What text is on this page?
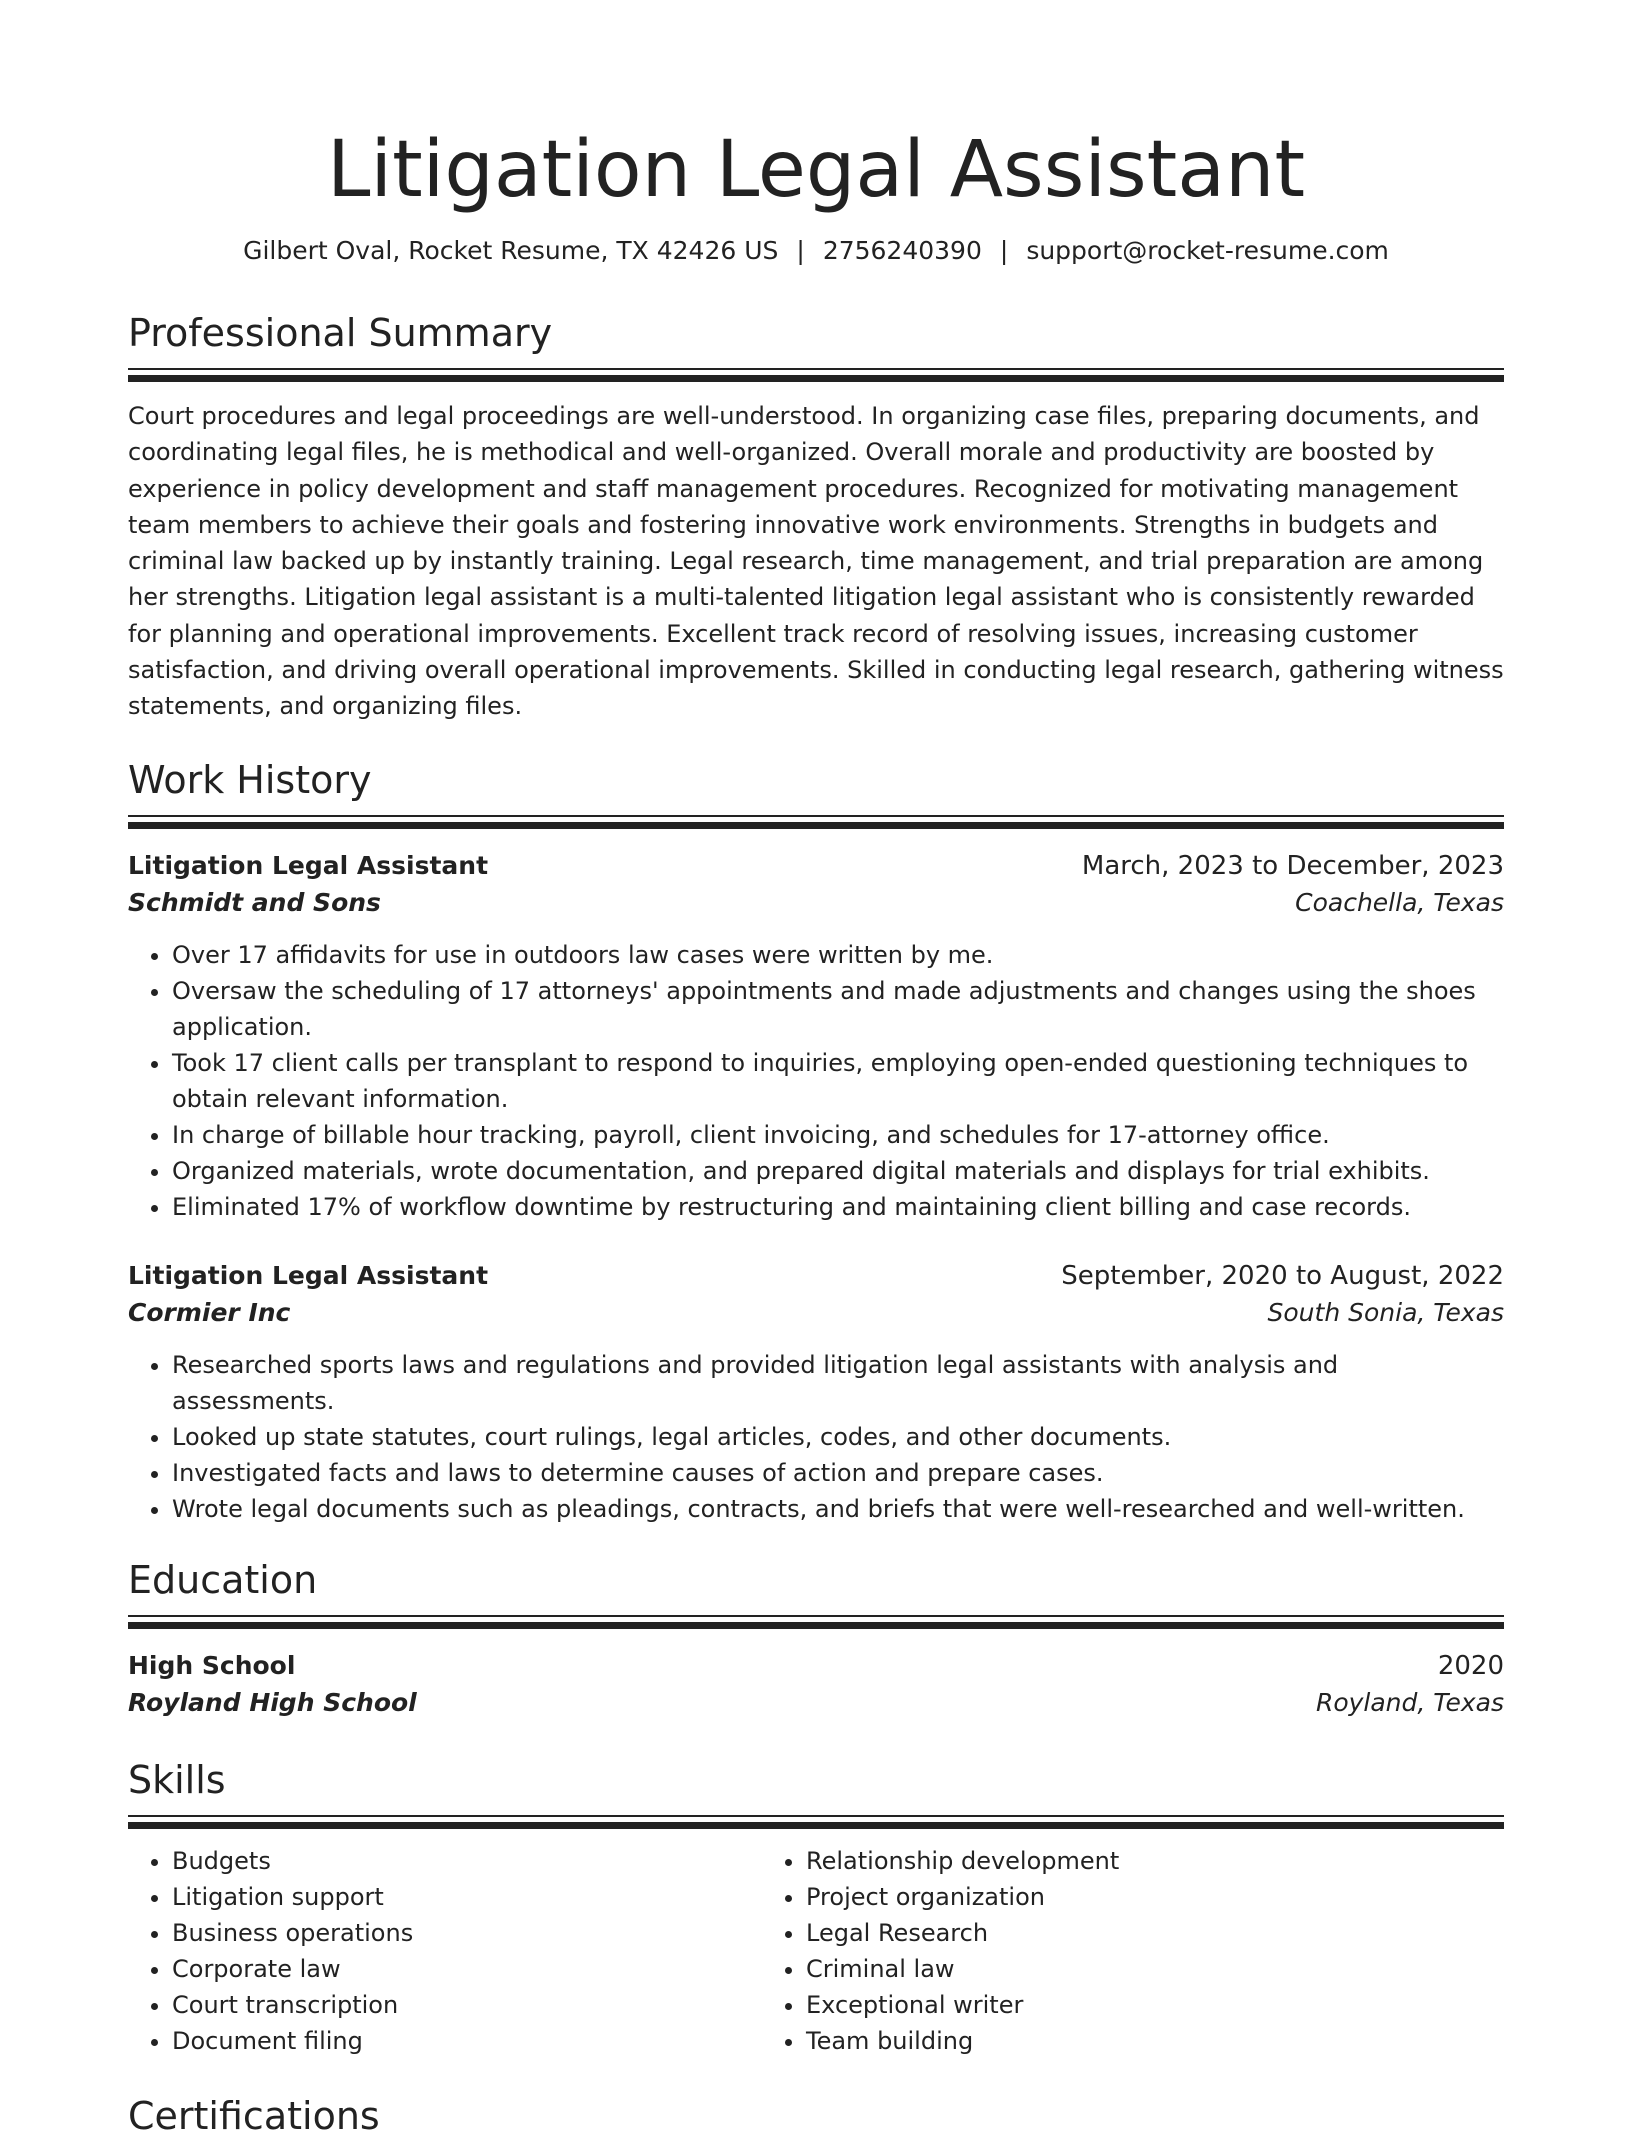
Litigation Legal Assistant
Gilbert Oval, Rocket Resume, TX 42426 US | 2756240390 | support@rocket-resume.com
Professional Summary
Court procedures and legal proceedings are well-understood. In organizing case files, preparing documents, and coordinating legal files, he is methodical and well-organized. Overall morale and productivity are boosted by experience in policy development and staff management procedures. Recognized for motivating management team members to achieve their goals and fostering innovative work environments. Strengths in budgets and criminal law backed up by instantly training. Legal research, time management, and trial preparation are among her strengths. Litigation legal assistant is a multi-talented litigation legal assistant who is consistently rewarded for planning and operational improvements. Excellent track record of resolving issues, increasing customer satisfaction, and driving overall operational improvements. Skilled in conducting legal research, gathering witness statements, and organizing files.
Work History
Litigation Legal Assistant	March, 2023 to December, 2023
Schmidt and Sons	Coachella, Texas
• Over 17 affidavits for use in outdoors law cases were written by me.
• Oversaw the scheduling of 17 attorneys' appointments and made adjustments and changes using the shoes application.
• Took 17 client calls per transplant to respond to inquiries, employing open-ended questioning techniques to obtain relevant information.
• In charge of billable hour tracking, payroll, client invoicing, and schedules for 17-attorney office.
• Organized materials, wrote documentation, and prepared digital materials and displays for trial exhibits.
• Eliminated 17% of workflow downtime by restructuring and maintaining client billing and case records.
Litigation Legal Assistant	September, 2020 to August, 2022
Cormier Inc	South Sonia, Texas
• Researched sports laws and regulations and provided litigation legal assistants with analysis and assessments.
• Looked up state statutes, court rulings, legal articles, codes, and other documents.
• Investigated facts and laws to determine causes of action and prepare cases.
• Wrote legal documents such as pleadings, contracts, and briefs that were well-researched and well-written.
Education
High School	2020
Royland High School	Royland, Texas
Skills
• Budgets
• Litigation support
• Business operations
• Corporate law
• Court transcription
• Document filing
• Relationship development
• Project organization
• Legal Research
• Criminal law
• Exceptional writer
• Team building
Certifications
